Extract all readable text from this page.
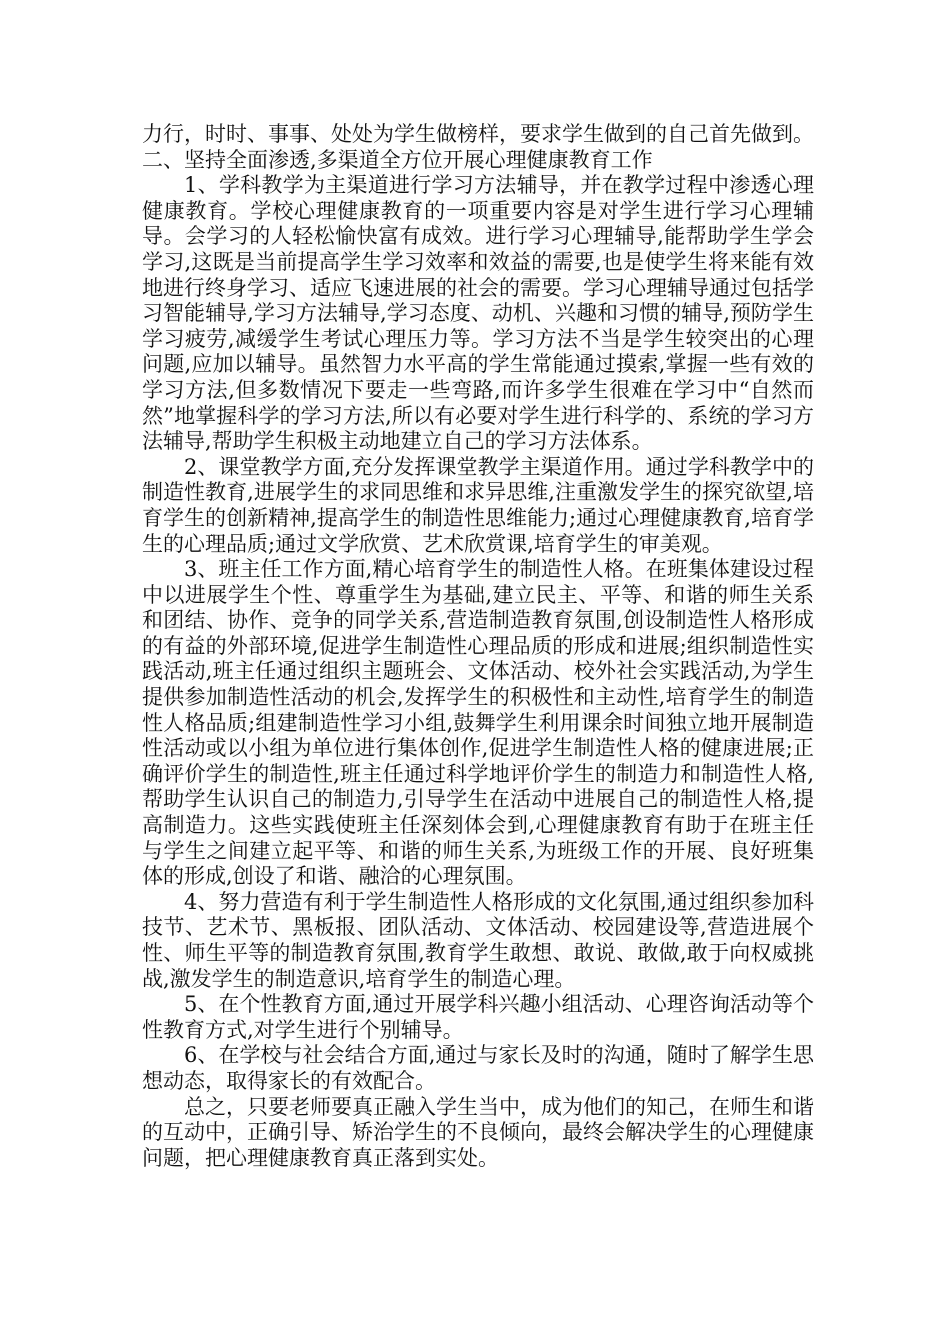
力行，时时、事事、处处为学生做榜样，要求学生做到的自己首先做到。 二、坚持全面渗透,多渠道全方位开展心理健康教育工作

1、学科教学为主渠道进行学习方法辅导，并在教学过程中渗透心理健康教育。学校心理健康教育的一项重要内容是对学生进行学习心理辅导。会学习的人轻松愉快富有成效。进行学习心理辅导,能帮助学生学会学习,这既是当前提高学生学习效率和效益的需要,也是使学生将来能有效地进行终身学习、适应飞速进展的社会的需要。学习心理辅导通过包括学习智能辅导,学习方法辅导,学习态度、动机、兴趣和习惯的辅导,预防学生学习疲劳,减缓学生考试心理压力等。学习方法不当是学生较突出的心理问题,应加以辅导。虽然智力水平高的学生常能通过摸索,掌握一些有效的学习方法,但多数情况下要走一些弯路,而许多学生很难在学习中“自然而然”地掌握科学的学习方法,所以有必要对学生进行科学的、系统的学习方法辅导,帮助学生积极主动地建立自己的学习方法体系。

2、课堂教学方面,充分发挥课堂教学主渠道作用。通过学科教学中的制造性教育,进展学生的求同思维和求异思维,注重激发学生的探究欲望,培育学生的创新精神,提高学生的制造性思维能力;通过心理健康教育,培育学生的心理品质;通过文学欣赏、艺术欣赏课,培育学生的审美观。

3、班主任工作方面,精心培育学生的制造性人格。在班集体建设过程中以进展学生个性、尊重学生为基础,建立民主、平等、和谐的师生关系和团结、协作、竞争的同学关系,营造制造教育氛围,创设制造性人格形成的有益的外部环境,促进学生制造性心理品质的形成和进展;组织制造性实践活动,班主任通过组织主题班会、文体活动、校外社会实践活动,为学生提供参加制造性活动的机会,发挥学生的积极性和主动性,培育学生的制造性人格品质;组建制造性学习小组,鼓舞学生利用课余时间独立地开展制造性活动或以小组为单位进行集体创作,促进学生制造性人格的健康进展;正确评价学生的制造性,班主任通过科学地评价学生的制造力和制造性人格,帮助学生认识自己的制造力,引导学生在活动中进展自己的制造性人格,提高制造力。这些实践使班主任深刻体会到,心理健康教育有助于在班主任与学生之间建立起平等、和谐的师生关系,为班级工作的开展、良好班集体的形成,创设了和谐、融洽的心理氛围。

4、努力营造有利于学生制造性人格形成的文化氛围,通过组织参加科技节、艺术节、黑板报、团队活动、文体活动、校园建设等,营造进展个性、师生平等的制造教育氛围,教育学生敢想、敢说、敢做,敢于向权威挑战,激发学生的制造意识,培育学生的制造心理。

5、在个性教育方面,通过开展学科兴趣小组活动、心理咨询活动等个性教育方式,对学生进行个别辅导。

6、在学校与社会结合方面,通过与家长及时的沟通，随时了解学生思想动态，取得家长的有效配合。

总之，只要老师要真正融入学生当中，成为他们的知己，在师生和谐的互动中，正确引导、矫治学生的不良倾向，最终会解决学生的心理健康问题，把心理健康教育真正落到实处。
